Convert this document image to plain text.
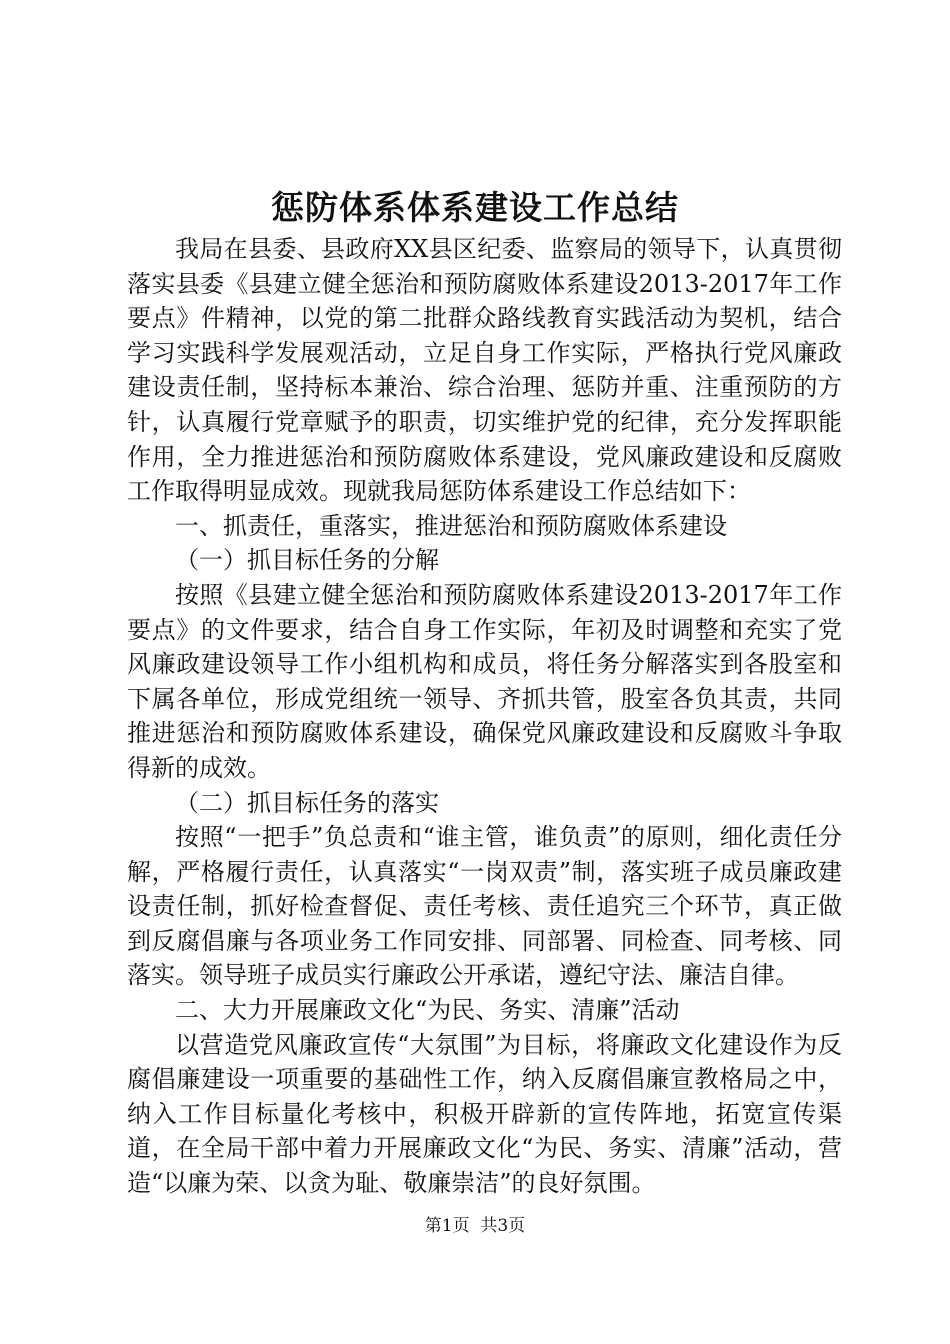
惩防体系体系建设工作总结

我局在县委、县政府XX县区纪委、监察局的领导下，认真贯彻落实县委《县建立健全惩治和预防腐败体系建设2013-2017年工作要点》件精神，以党的第二批群众路线教育实践活动为契机，结合学习实践科学发展观活动，立足自身工作实际，严格执行党风廉政建设责任制，坚持标本兼治、综合治理、惩防并重、注重预防的方针，认真履行党章赋予的职责，切实维护党的纪律，充分发挥职能作用，全力推进惩治和预防腐败体系建设，党风廉政建设和反腐败工作取得明显成效。现就我局惩防体系建设工作总结如下：

一、抓责任，重落实，推进惩治和预防腐败体系建设

（一）抓目标任务的分解

按照《县建立健全惩治和预防腐败体系建设2013-2017年工作要点》的文件要求，结合自身工作实际，年初及时调整和充实了党风廉政建设领导工作小组机构和成员，将任务分解落实到各股室和下属各单位，形成党组统一领导、齐抓共管，股室各负其责，共同推进惩治和预防腐败体系建设，确保党风廉政建设和反腐败斗争取得新的成效。

（二）抓目标任务的落实

按照“一把手”负总责和“谁主管，谁负责”的原则，细化责任分解，严格履行责任，认真落实“一岗双责”制，落实班子成员廉政建设责任制，抓好检查督促、责任考核、责任追究三个环节，真正做到反腐倡廉与各项业务工作同安排、同部署、同检查、同考核、同落实。领导班子成员实行廉政公开承诺，遵纪守法、廉洁自律。

二、大力开展廉政文化“为民、务实、清廉”活动

以营造党风廉政宣传“大氛围”为目标，将廉政文化建设作为反腐倡廉建设一项重要的基础性工作，纳入反腐倡廉宣教格局之中，纳入工作目标量化考核中，积极开辟新的宣传阵地，拓宽宣传渠道，在全局干部中着力开展廉政文化“为民、务实、清廉”活动，营造“以廉为荣、以贪为耻、敬廉崇洁”的良好氛围。

第1页  共3页
